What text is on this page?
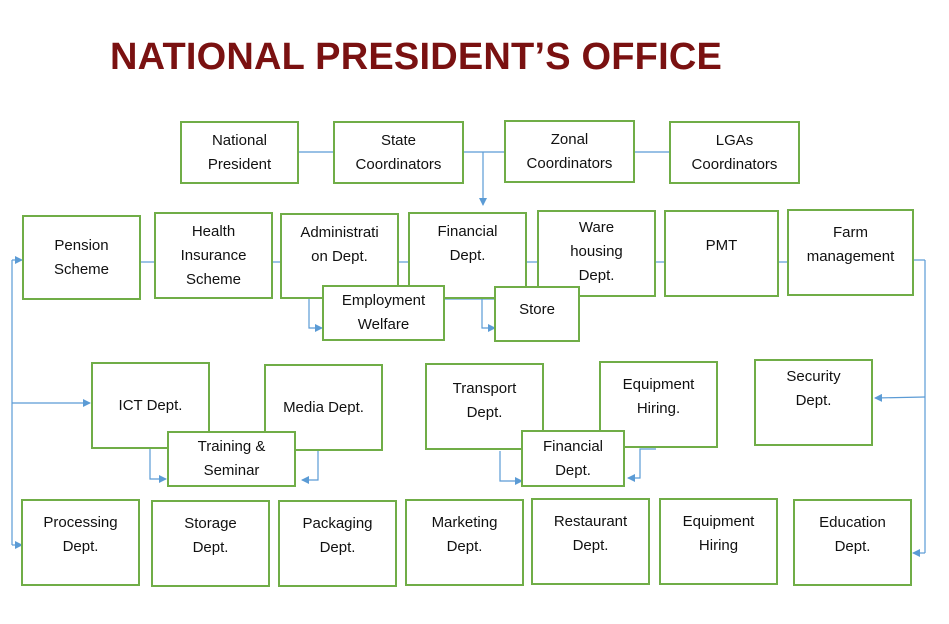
NATIONAL PRESIDENT’S OFFICE
National
President
State
Coordinators
Zonal
Coordinators
LGAs
Coordinators
Pension
Scheme
Health
Insurance
Scheme
Administrati
on Dept.
Financial
Dept.
Ware
housing
Dept.
PMT
Farm
management
Employment
Welfare
Store
ICT Dept.	Media Dept.
Training &
Seminar
Transport
Dept.
Equipment
Hiring.
Financial
Dept.
Security
Dept.
Processing
Dept.
Storage
Dept.
Packaging
Dept.
Marketing
Dept.
Restaurant
Dept.
Equipment
Hiring
Education
Dept.
